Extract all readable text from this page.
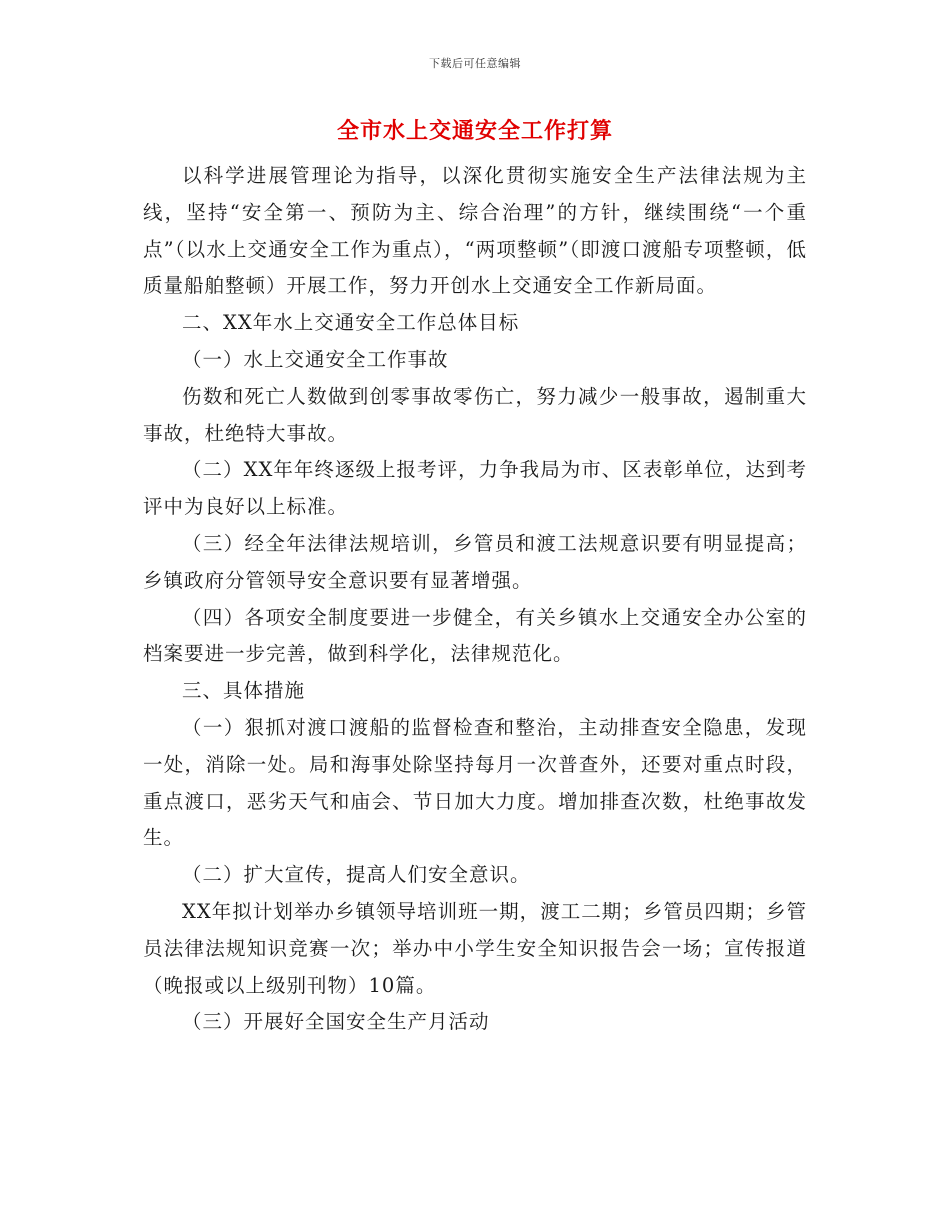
下载后可任意编辑
全市水上交通安全工作打算

以科学进展管理论为指导，以深化贯彻实施安全生产法律法规为主线，坚持“安全第一、预防为主、综合治理”的方针，继续围绕“一个重点”（以水上交通安全工作为重点），“两项整顿”（即渡口渡船专项整顿，低质量船舶整顿）开展工作，努力开创水上交通安全工作新局面。

二、XX年水上交通安全工作总体目标

（一）水上交通安全工作事故

伤数和死亡人数做到创零事故零伤亡，努力减少一般事故，遏制重大事故，杜绝特大事故。

（二）XX年年终逐级上报考评，力争我局为市、区表彰单位，达到考评中为良好以上标准。

（三）经全年法律法规培训，乡管员和渡工法规意识要有明显提高；乡镇政府分管领导安全意识要有显著增强。

（四）各项安全制度要进一步健全，有关乡镇水上交通安全办公室的档案要进一步完善，做到科学化，法律规范化。

三、具体措施

（一）狠抓对渡口渡船的监督检查和整治，主动排查安全隐患，发现一处，消除一处。局和海事处除坚持每月一次普查外，还要对重点时段，重点渡口，恶劣天气和庙会、节日加大力度。增加排查次数，杜绝事故发生。

（二）扩大宣传，提高人们安全意识。

XX年拟计划举办乡镇领导培训班一期，渡工二期；乡管员四期；乡管员法律法规知识竞赛一次；举办中小学生安全知识报告会一场；宣传报道（晚报或以上级别刊物）10篇。

（三）开展好全国安全生产月活动
